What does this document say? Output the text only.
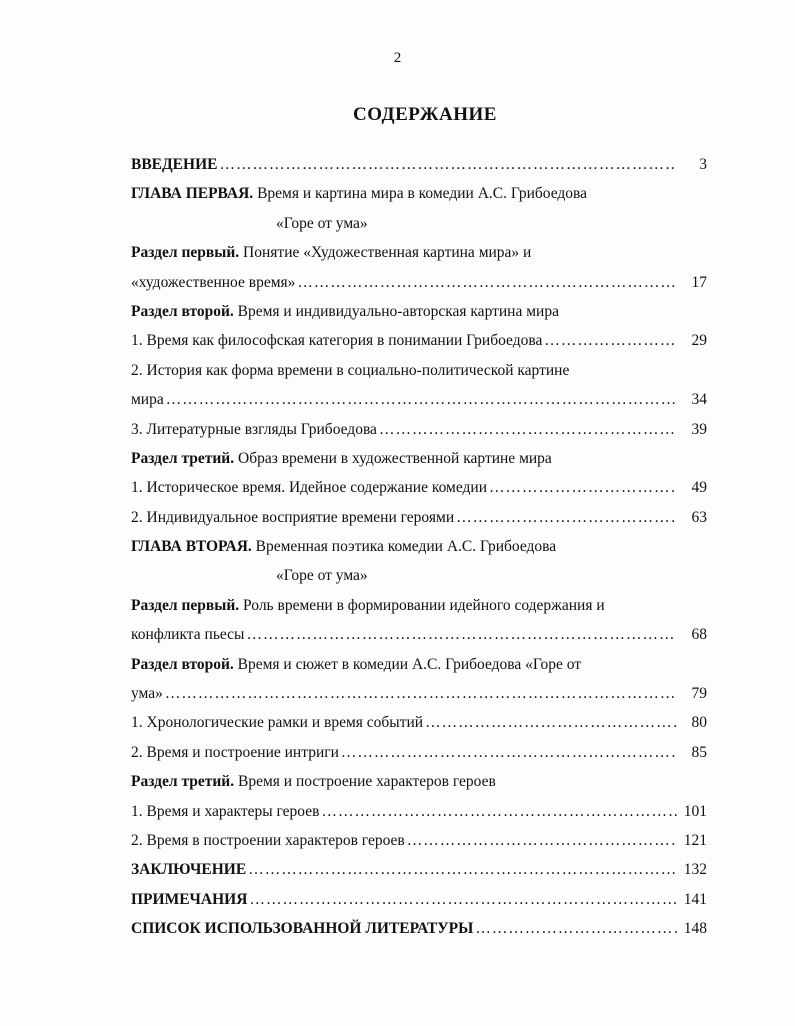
2
СОДЕРЖАНИЕ
ВВЕДЕНИЕ ………………………………………………………………………………………………………………………………………………………………………	3
ГЛАВА ПЕРВАЯ. Время и картина мира в комедии А.С. Грибоедова
«Горе от ума»
Раздел первый. Понятие «Художественная картина мира» и
«художественное время» ………………………………………………………………………………………………………………………………………………………………………	17
Раздел второй. Время и индивидуально-авторская картина мира
1. Время как философская категория в понимании Грибоедова ………………………………………………………………………………………………………………………………………………………………………	29
2. История как форма времени в социально-политической картине
мира ………………………………………………………………………………………………………………………………………………………………………	34
3. Литературные взгляды Грибоедова ………………………………………………………………………………………………………………………………………………………………………	39
Раздел третий. Образ времени в художественной картине мира
1. Историческое время. Идейное содержание комедии ………………………………………………………………………………………………………………………………………………………………………	49
2. Индивидуальное восприятие времени героями ………………………………………………………………………………………………………………………………………………………………………	63
ГЛАВА ВТОРАЯ. Временная поэтика комедии А.С. Грибоедова
«Горе от ума»
Раздел первый. Роль времени в формировании идейного содержания и
конфликта пьесы ………………………………………………………………………………………………………………………………………………………………………	68
Раздел второй. Время и сюжет в комедии А.С. Грибоедова «Горе от
ума» ………………………………………………………………………………………………………………………………………………………………………	79
1. Хронологические рамки и время событий ………………………………………………………………………………………………………………………………………………………………………	80
2. Время и построение интриги ………………………………………………………………………………………………………………………………………………………………………	85
Раздел третий. Время и построение характеров героев
1. Время и характеры героев ………………………………………………………………………………………………………………………………………………………………………	101
2. Время в построении характеров героев ………………………………………………………………………………………………………………………………………………………………………	121
ЗАКЛЮЧЕНИЕ ………………………………………………………………………………………………………………………………………………………………………	132
ПРИМЕЧАНИЯ ………………………………………………………………………………………………………………………………………………………………………	141
СПИСОК ИСПОЛЬЗОВАННОЙ ЛИТЕРАТУРЫ ………………………………………………………………………………………………………………………………………………………………………	148
